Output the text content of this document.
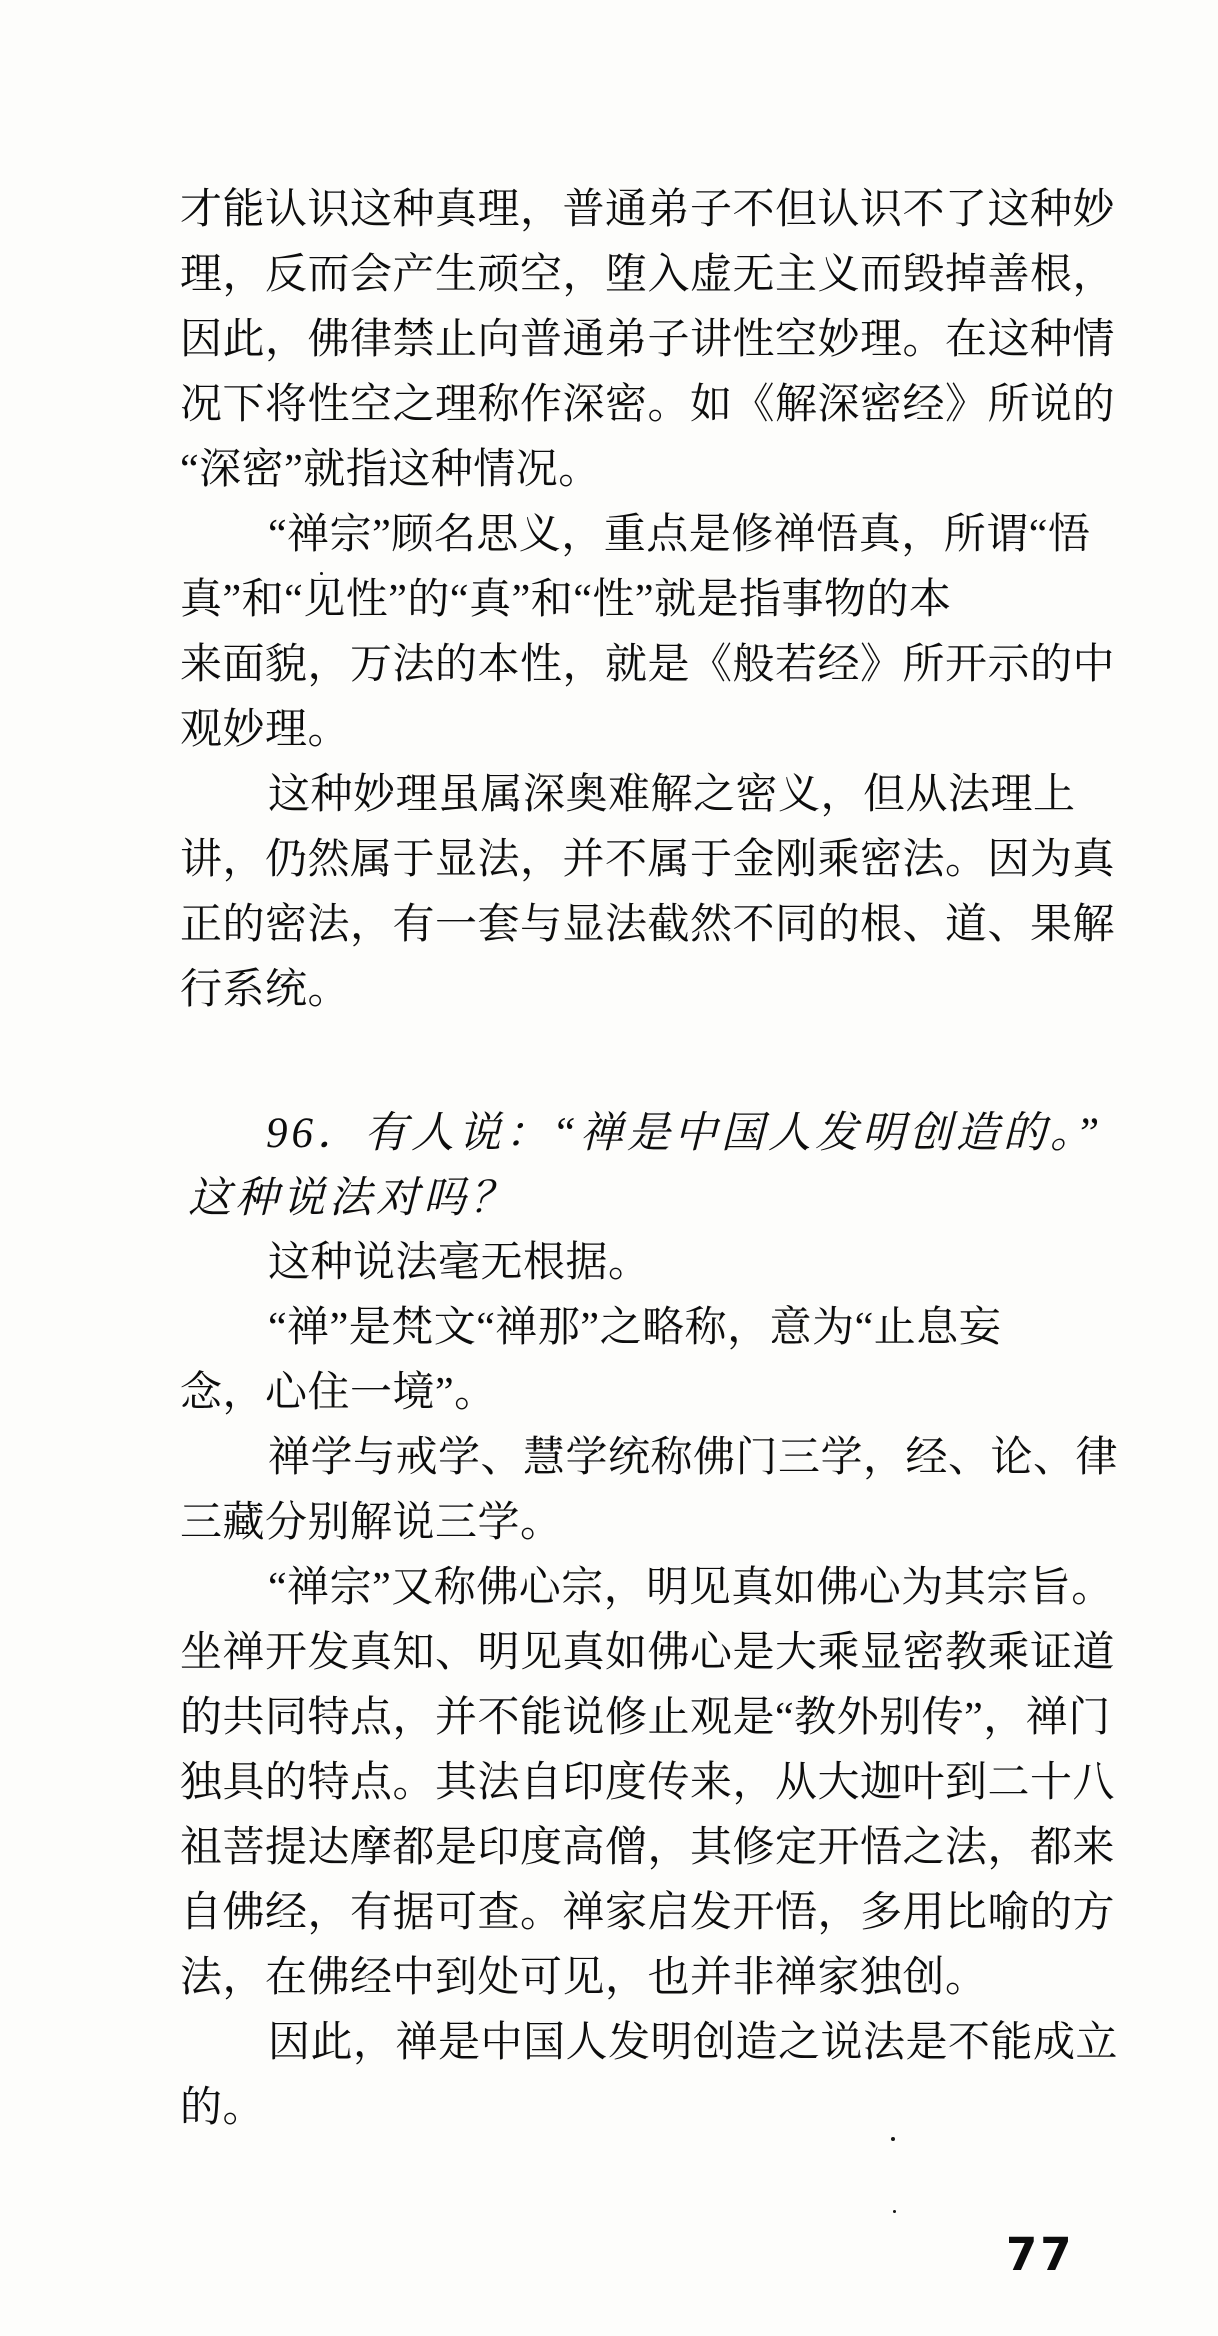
才能认识这种真理，普通弟子不但认识不了这种妙
理，反而会产生顽空，堕入虚无主义而毁掉善根，
因此，佛律禁止向普通弟子讲性空妙理。在这种情
况下将性空之理称作深密。如《解深密经》所说的
“深密”就指这种情况。
“禅宗”顾名思义，重点是修禅悟真，所谓“悟
真”和“见性”的“真”和“性”就是指事物的本
来面貌，万法的本性，就是《般若经》所开示的中
观妙理。
这种妙理虽属深奥难解之密义，但从法理上
讲，仍然属于显法，并不属于金刚乘密法。因为真
正的密法，有一套与显法截然不同的根、道、果解
行系统。
96．有人说：“禅是中国人发明创造的。”
这种说法对吗？
这种说法毫无根据。
“禅”是梵文“禅那”之略称，意为“止息妄
念，心住一境”。
禅学与戒学、慧学统称佛门三学，经、论、律
三藏分别解说三学。
“禅宗”又称佛心宗，明见真如佛心为其宗旨。
坐禅开发真知、明见真如佛心是大乘显密教乘证道
的共同特点，并不能说修止观是“教外别传”，禅门
独具的特点。其法自印度传来，从大迦叶到二十八
祖菩提达摩都是印度高僧，其修定开悟之法，都来
自佛经，有据可查。禅家启发开悟，多用比喻的方
法，在佛经中到处可见，也并非禅家独创。
因此，禅是中国人发明创造之说法是不能成立
的。
77
